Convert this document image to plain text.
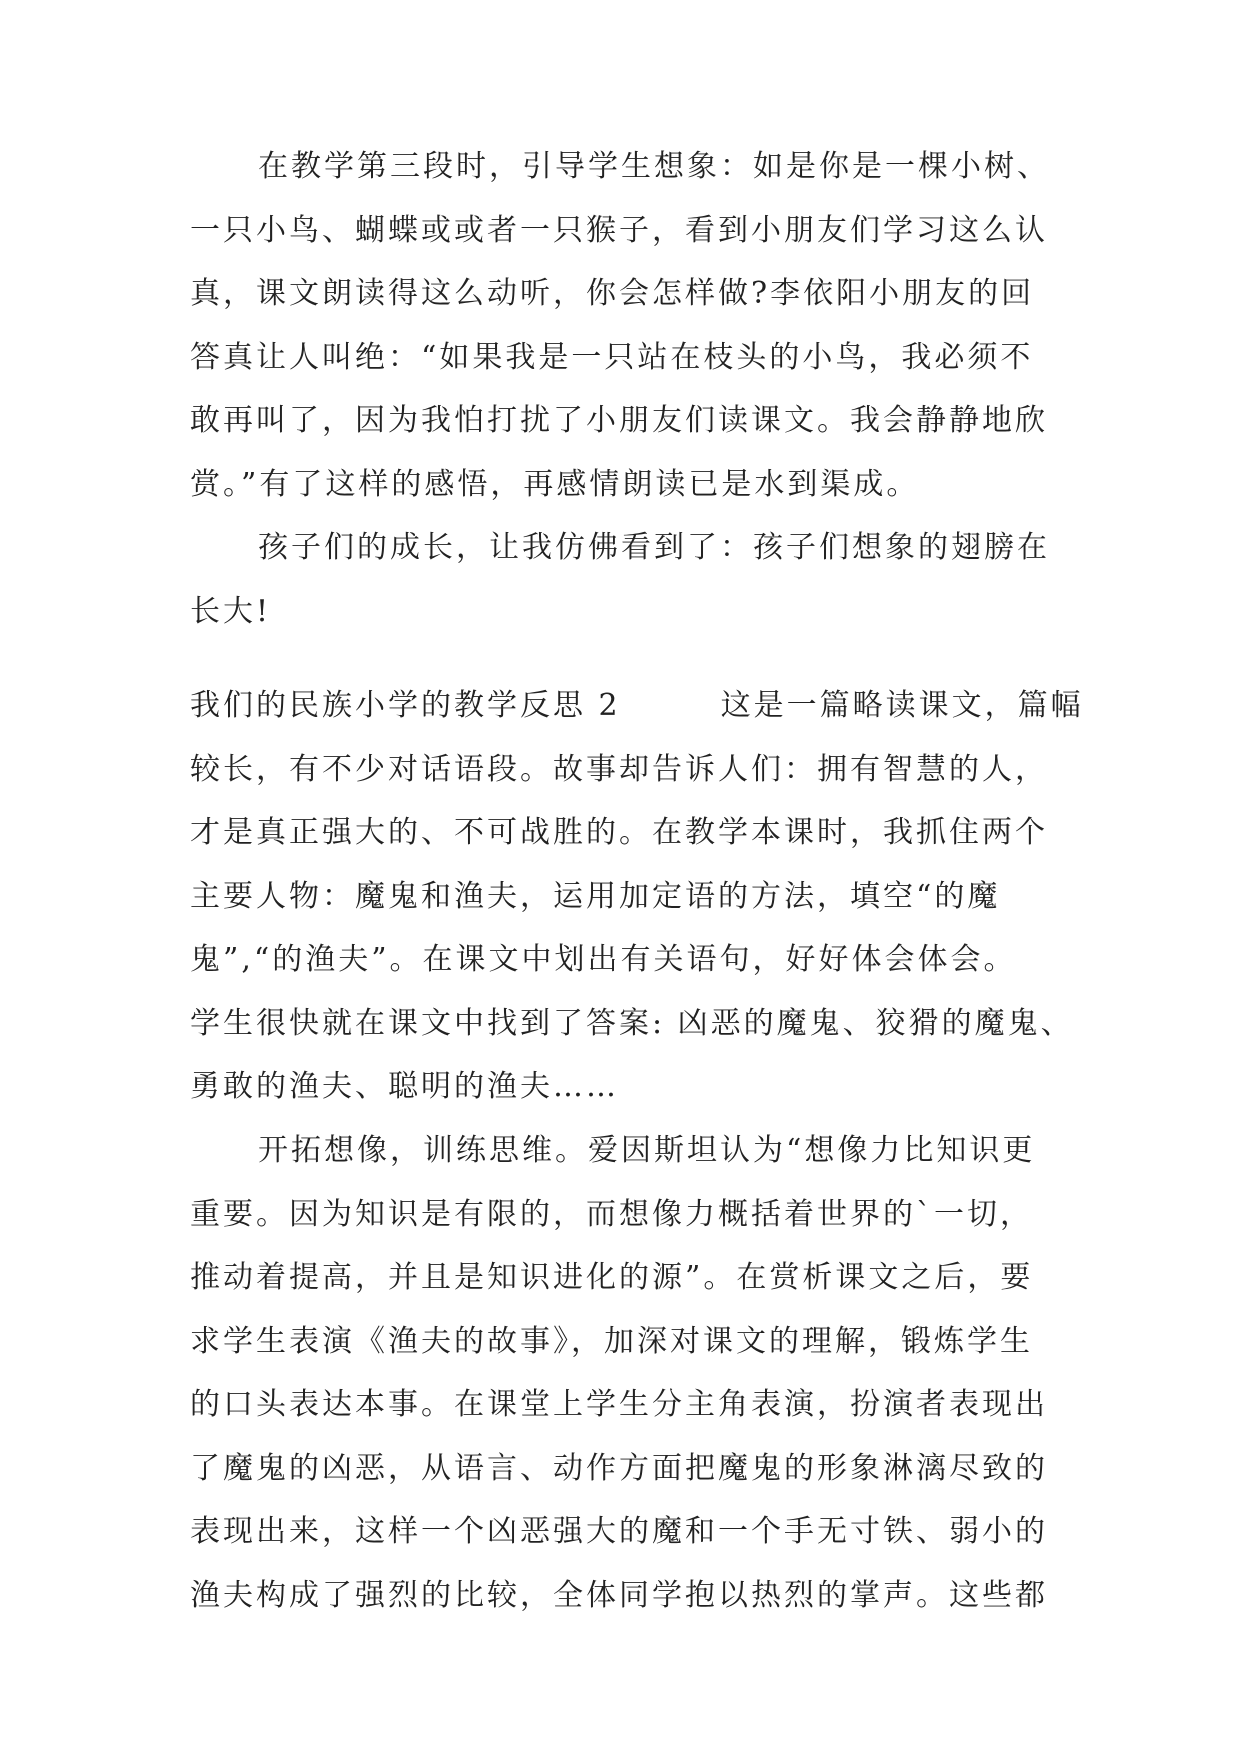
在教学第三段时，引导学生想象：如是你是一棵小树、
一只小鸟、蝴蝶或或者一只猴子，看到小朋友们学习这么认
真，课文朗读得这么动听，你会怎样做?李依阳小朋友的回
答真让人叫绝：“如果我是一只站在枝头的小鸟，我必须不
敢再叫了，因为我怕打扰了小朋友们读课文。我会静静地欣
赏。”有了这样的感悟，再感情朗读已是水到渠成。
孩子们的成长，让我仿佛看到了：孩子们想象的翅膀在
长大!
我们的民族小学的教学反思 2	这是一篇略读课文，篇幅
较长，有不少对话语段。故事却告诉人们：拥有智慧的人，
才是真正强大的、不可战胜的。在教学本课时，我抓住两个
主要人物：魔鬼和渔夫，运用加定语的方法，填空“的魔
鬼”,“的渔夫”。在课文中划出有关语句，好好体会体会。
学生很快就在课文中找到了答案: 凶恶的魔鬼、狡猾的魔鬼、
勇敢的渔夫、聪明的渔夫……
开拓想像，训练思维。爱因斯坦认为“想像力比知识更
重要。因为知识是有限的，而想像力概括着世界的`一切，
推动着提高，并且是知识进化的源”。在赏析课文之后，要
求学生表演《渔夫的故事》，加深对课文的理解，锻炼学生
的口头表达本事。在课堂上学生分主角表演，扮演者表现出
了魔鬼的凶恶，从语言、动作方面把魔鬼的形象淋漓尽致的
表现出来，这样一个凶恶强大的魔和一个手无寸铁、弱小的
渔夫构成了强烈的比较，全体同学抱以热烈的掌声。这些都
